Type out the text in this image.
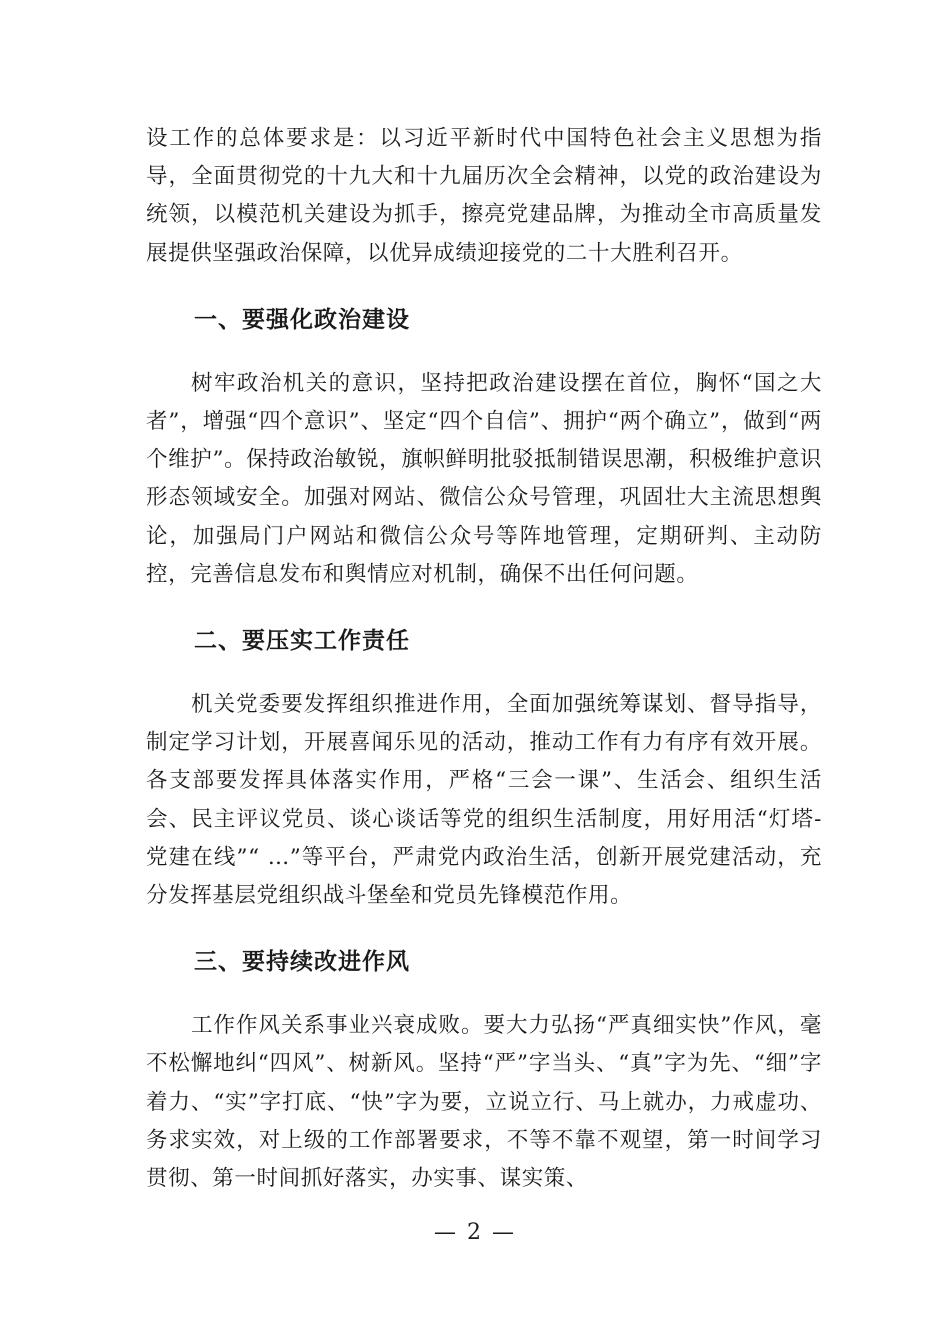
设工作的总体要求是：以习近平新时代中国特色社会主义思想为指导，全面贯彻党的十九大和十九届历次全会精神，以党的政治建设为统领，以模范机关建设为抓手，擦亮党建品牌，为推动全市高质量发展提供坚强政治保障，以优异成绩迎接党的二十大胜利召开。

一、要强化政治建设

树牢政治机关的意识，坚持把政治建设摆在首位，胸怀“国之大者”，增强“四个意识”、坚定“四个自信”、拥护“两个确立”，做到“两个维护”。保持政治敏锐，旗帜鲜明批驳抵制错误思潮，积极维护意识形态领域安全。加强对网站、微信公众号管理，巩固壮大主流思想舆论，加强局门户网站和微信公众号等阵地管理，定期研判、主动防控，完善信息发布和舆情应对机制，确保不出任何问题。

二、要压实工作责任

机关党委要发挥组织推进作用，全面加强统筹谋划、督导指导，制定学习计划，开展喜闻乐见的活动，推动工作有力有序有效开展。各支部要发挥具体落实作用，严格“三会一课”、生活会、组织生活会、民主评议党员、谈心谈话等党的组织生活制度，用好用活“灯塔-党建在线”“ …”等平台，严肃党内政治生活，创新开展党建活动，充分发挥基层党组织战斗堡垒和党员先锋模范作用。

三、要持续改进作风

工作作风关系事业兴衰成败。要大力弘扬“严真细实快”作风，毫不松懈地纠“四风”、树新风。坚持“严”字当头、“真”字为先、“细”字着力、“实”字打底、“快”字为要，立说立行、马上就办，力戒虚功、务求实效，对上级的工作部署要求，不等不靠不观望，第一时间学习贯彻、第一时间抓好落实，办实事、谋实策、

— 2 —
